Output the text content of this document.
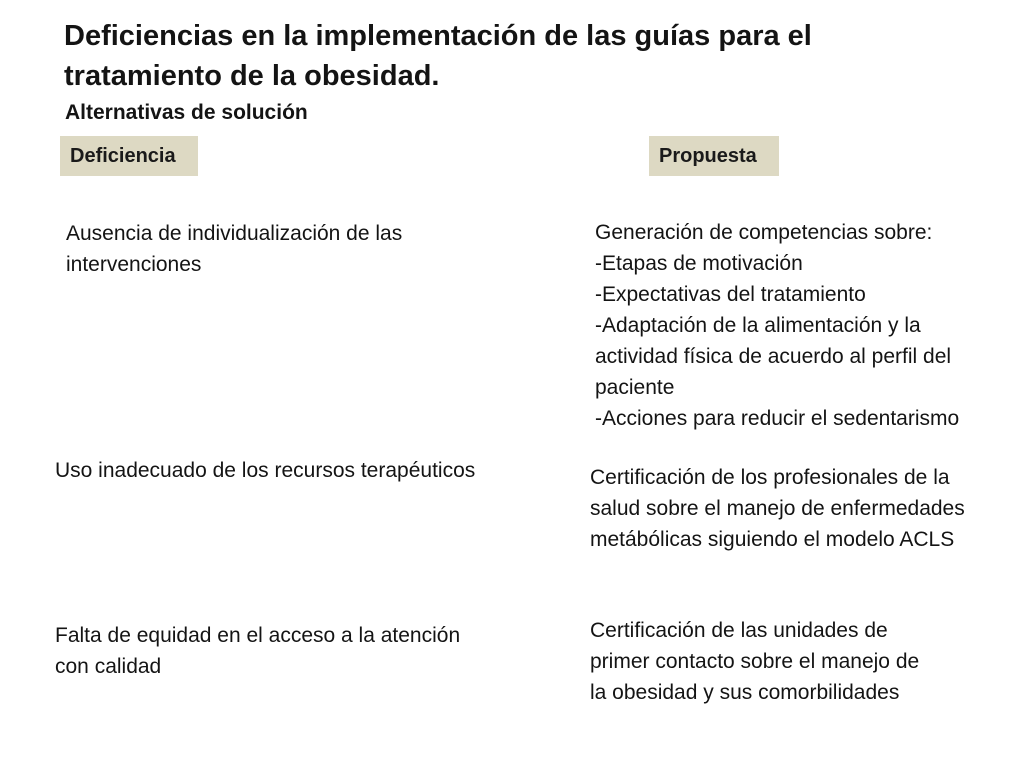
Deficiencias en la implementación de las guías para el tratamiento de la obesidad.
Alternativas de solución
Deficiencia	Propuesta
Ausencia de individualización de las
intervenciones
Uso inadecuado de los recursos terapéuticos
Falta de equidad en el acceso a la atención
con calidad
Generación de competencias sobre:
-Etapas de motivación
-Expectativas del tratamiento
-Adaptación de la alimentación y la
actividad física de acuerdo al perfil del
paciente
-Acciones para reducir el sedentarismo
Certificación de los profesionales de la
salud sobre el manejo de enfermedades
metábólicas siguiendo el modelo ACLS
Certificación de las unidades de
primer contacto sobre el manejo de
la obesidad y sus comorbilidades
